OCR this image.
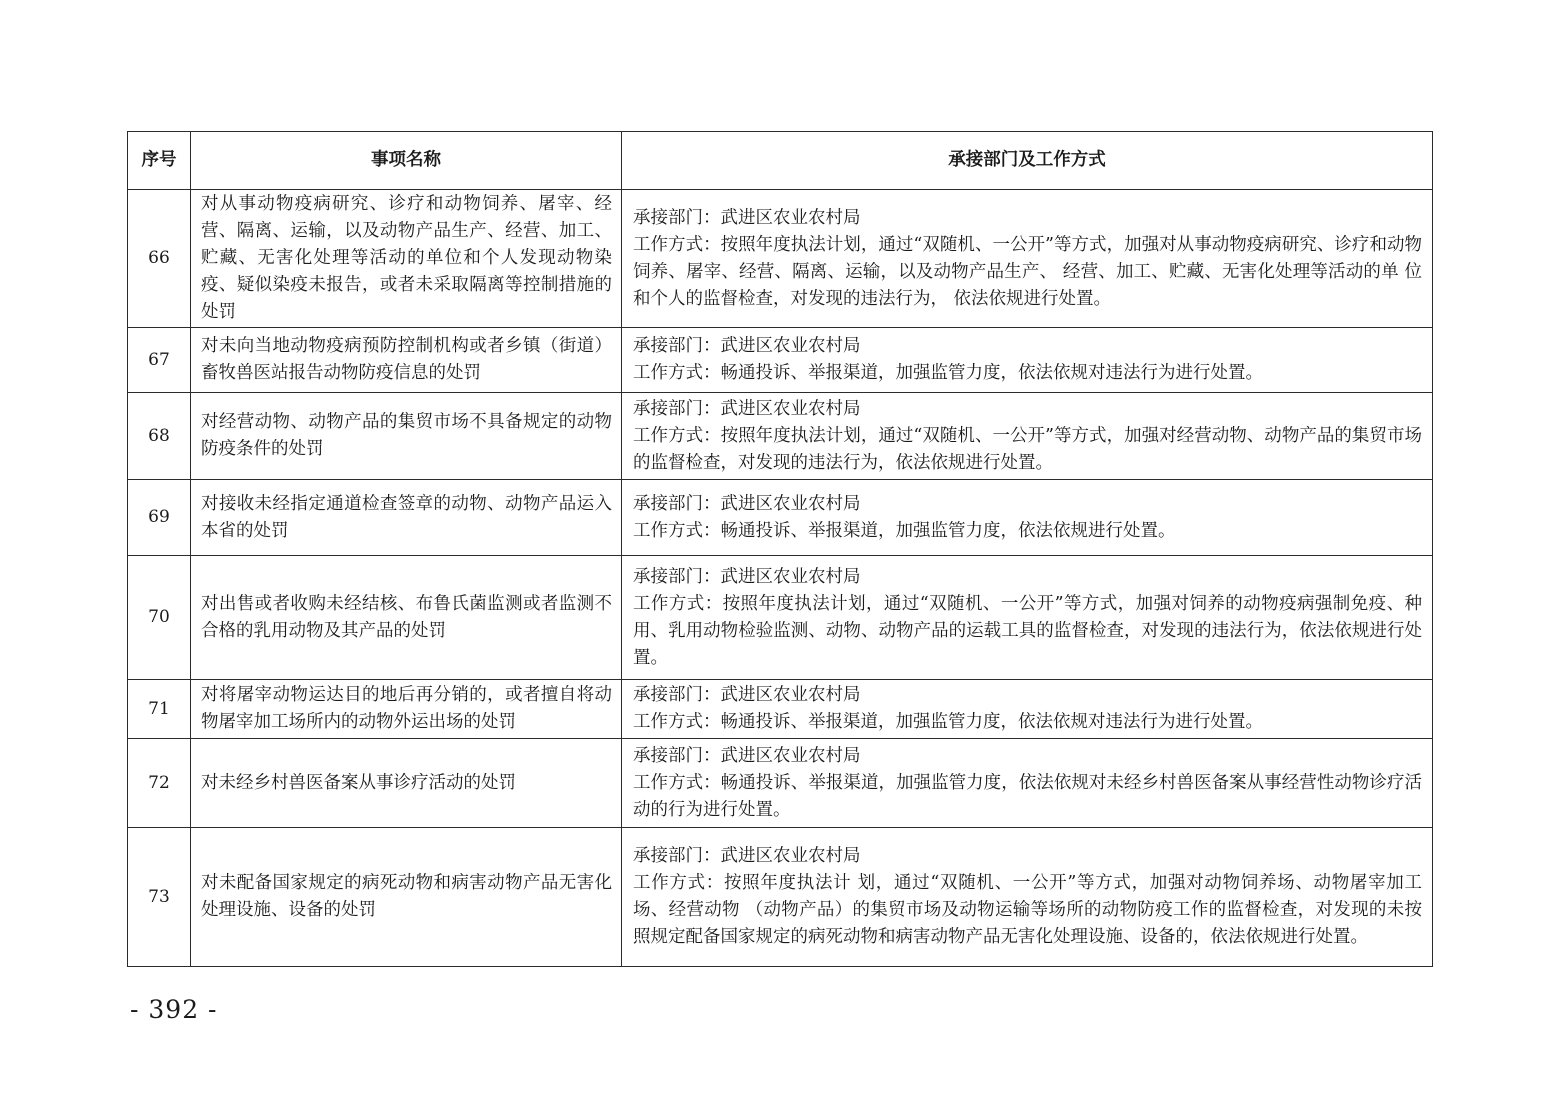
序号	事项名称	承接部门及工作方式
66	对从事动物疫病研究、诊疗和动物饲养、屠宰、经营、隔离、运输，以及动物产品生产、经营、加工、贮藏、无害化处理等活动的单位和个人发现动物染疫、疑似染疫未报告，或者未采取隔离等控制措施的处罚	承接部门：武进区农业农村局
工作方式：按照年度执法计划，通过“双随机、一公开”等方式，加强对从事动物疫病研究、诊疗和动物饲养、屠宰、经营、隔离、运输，以及动物产品生产、 经营、加工、贮藏、无害化处理等活动的单 位和个人的监督检查，对发现的违法行为， 依法依规进行处置。

67	对未向当地动物疫病预防控制机构或者乡镇（街道）畜牧兽医站报告动物防疫信息的处罚	承接部门：武进区农业农村局
工作方式：畅通投诉、举报渠道，加强监管力度，依法依规对违法行为进行处置。

68	对经营动物、动物产品的集贸市场不具备规定的动物防疫条件的处罚	承接部门：武进区农业农村局
工作方式：按照年度执法计划，通过“双随机、一公开”等方式，加强对经营动物、动物产品的集贸市场的监督检查，对发现的违法行为，依法依规进行处置。

69	对接收未经指定通道检查签章的动物、动物产品运入本省的处罚	承接部门：武进区农业农村局
工作方式：畅通投诉、举报渠道，加强监管力度，依法依规进行处置。

70	对出售或者收购未经结核、布鲁氏菌监测或者监测不合格的乳用动物及其产品的处罚	承接部门：武进区农业农村局
工作方式：按照年度执法计划，通过“双随机、一公开”等方式，加强对饲养的动物疫病强制免疫、种用、乳用动物检验监测、动物、动物产品的运载工具的监督检查，对发现的违法行为，依法依规进行处置。

71	对将屠宰动物运达目的地后再分销的，或者擅自将动物屠宰加工场所内的动物外运出场的处罚	承接部门：武进区农业农村局
工作方式：畅通投诉、举报渠道，加强监管力度，依法依规对违法行为进行处置。

72	对未经乡村兽医备案从事诊疗活动的处罚	承接部门：武进区农业农村局
工作方式：畅通投诉、举报渠道，加强监管力度，依法依规对未经乡村兽医备案从事经营性动物诊疗活动的行为进行处置。

73	对未配备国家规定的病死动物和病害动物产品无害化处理设施、设备的处罚	承接部门：武进区农业农村局
工作方式：按照年度执法计 划，通过“双随机、一公开”等方式，加强对动物饲养场、动物屠宰加工场、经营动物 （动物产品）的集贸市场及动物运输等场所的动物防疫工作的监督检查，对发现的未按照规定配备国家规定的病死动物和病害动物产品无害化处理设施、设备的，依法依规进行处置。
- 392 -
